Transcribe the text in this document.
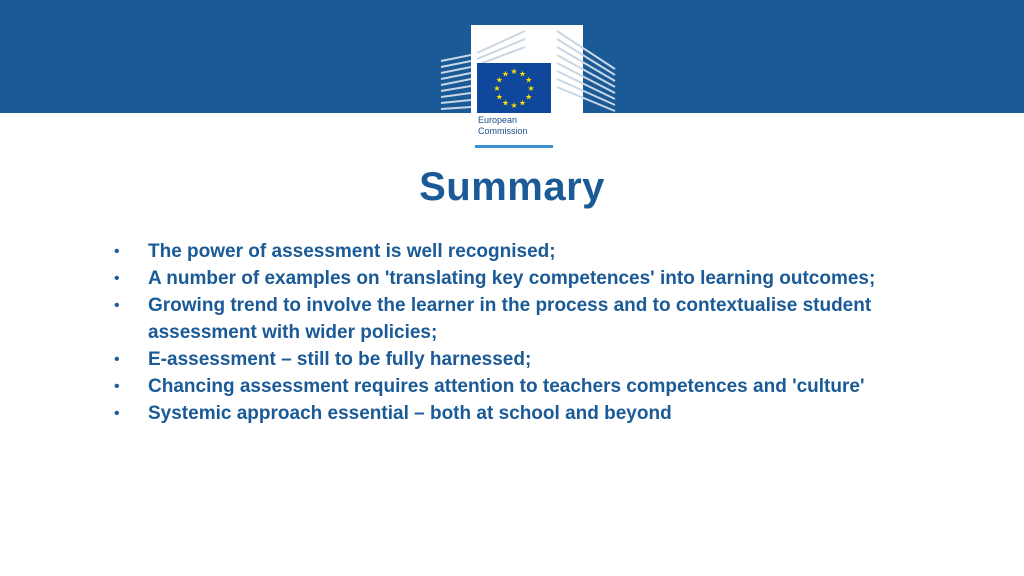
★ ★
★
★
★
★
★
★
★
★
★
★
European
Commission
Summary
• The power of assessment is well recognised;
• A number of examples on 'translating key competences' into learning outcomes;
• Growing trend to involve the learner in the process and to contextualise student assessment with wider policies;
• E-assessment – still to be fully harnessed;
• Chancing assessment requires attention to teachers competences and 'culture'
• Systemic approach essential – both at school and beyond
